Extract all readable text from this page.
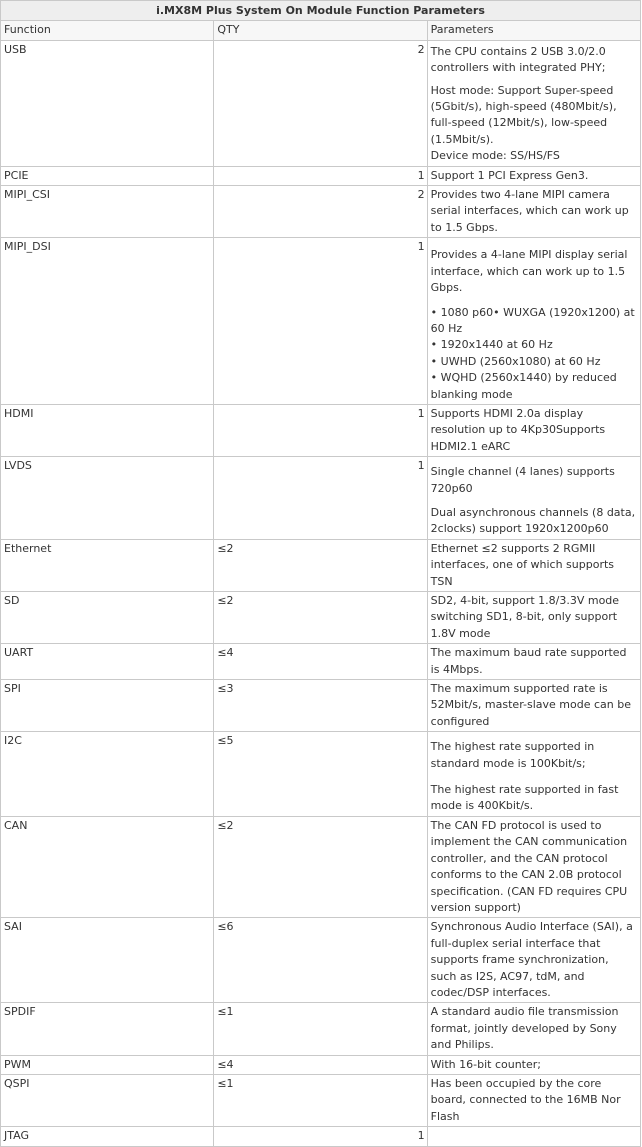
i.MX8M Plus System On Module Function Parameters		
Function	QTY	Parameters
USB	2	The CPU contains 2 USB 3.0/2.0 controllers with integrated PHY;

Host mode: Support Super-speed (5Gbit/s), high-speed (480Mbit/s), full-speed (12Mbit/s), low-speed (1.5Mbit/s).

Device mode: SS/HS/FS

PCIE	1	Support 1 PCI Express Gen3.

MIPI_CSI	2	Provides two 4-lane MIPI camera serial interfaces, which can work up to 1.5 Gbps.

MIPI_DSI	1	Provides a 4-lane MIPI display serial interface, which can work up to 1.5 Gbps.

• 1080 p60• WUXGA (1920x1200) at 60 Hz

• 1920x1440 at 60 Hz

• UWHD (2560x1080) at 60 Hz

• WQHD (2560x1440) by reduced blanking mode

HDMI	1	Supports HDMI 2.0a display resolution up to 4Kp30Supports HDMI2.1 eARC

LVDS	1	Single channel (4 lanes) supports 720p60

Dual asynchronous channels (8 data, 2clocks) support 1920x1200p60

Ethernet	≤2	Ethernet ≤2 supports 2 RGMII interfaces, one of which supports TSN

SD	≤2	SD2, 4-bit, support 1.8/3.3V mode switching SD1, 8-bit, only support 1.8V mode

UART	≤4	The maximum baud rate supported is 4Mbps.

SPI	≤3	The maximum supported rate is 52Mbit/s, master-slave mode can be configured

I2C	≤5	The highest rate supported in standard mode is 100Kbit/s;

The highest rate supported in fast mode is 400Kbit/s.

CAN	≤2	The CAN FD protocol is used to implement the CAN communication controller, and the CAN protocol conforms to the CAN 2.0B protocol specification. (CAN FD requires CPU version support)

SAI	≤6	Synchronous Audio Interface (SAI), a full-duplex serial interface that supports frame synchronization, such as I2S, AC97, tdM, and codec/DSP interfaces.

SPDIF	≤1	A standard audio file transmission format, jointly developed by Sony and Philips.

PWM	≤4	With 16-bit counter;

QSPI	≤1	Has been occupied by the core board, connected to the 16MB Nor Flash

JTAG	1	
